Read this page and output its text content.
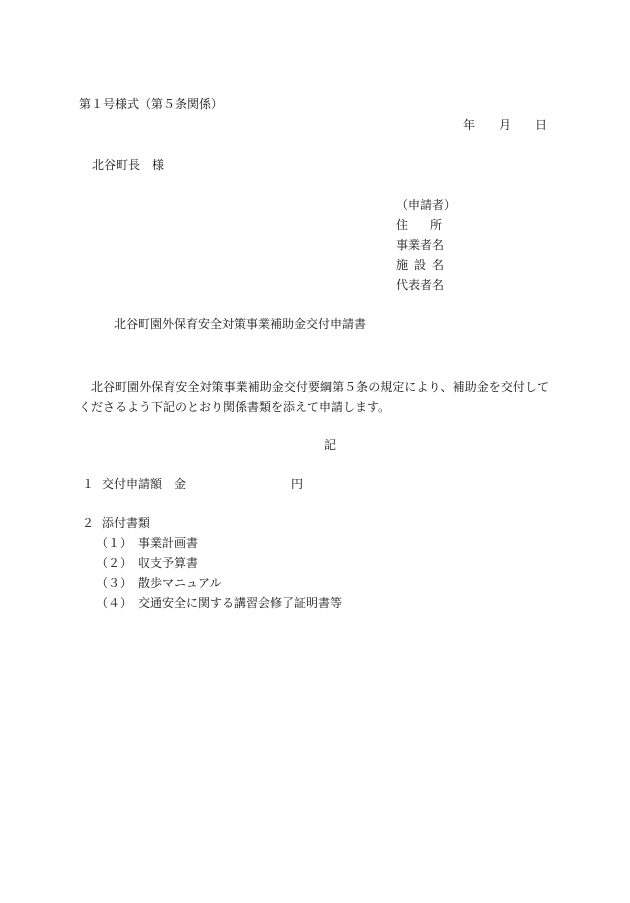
第１号様式（第５条関係）
年	月	日
北谷町長 様
（申請者）
住所
事業者名
施設名
代表者名
北谷町園外保育安全対策事業補助金交付申請書
北谷町園外保育安全対策事業補助金交付要綱第５条の規定により、補助金を交付してくださるよう下記のとおり関係書類を添えて申請します。
記
１ 交付申請額 金	円
２ 添付書類
（１） 事業計画書
（２） 収支予算書
（３） 散歩マニュアル
（４） 交通安全に関する講習会修了証明書等
